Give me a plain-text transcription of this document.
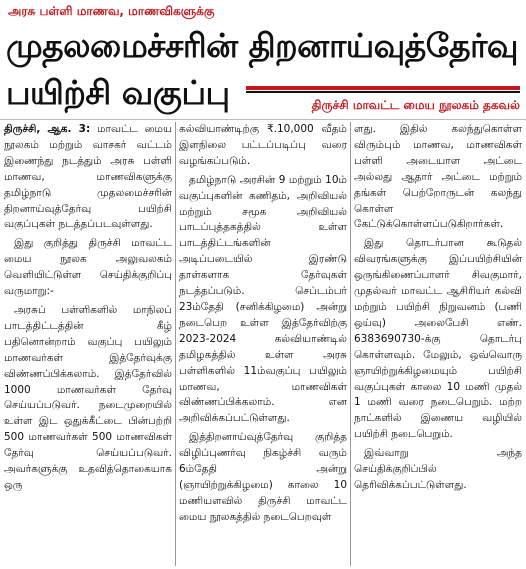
அரசு பள்ளி மாணவ, மாணவிகளுக்கு
முதலமைச்சரின் திறனாய்வுத்தேர்வு
பயிற்சி வகுப்பு	திருச்சி மாவட்ட மைய நூலகம் தகவல்

திருச்சி, ஆக. 3: மாவட்ட மைய நூலகம் மற்றும் வாசகர் வட்டம் இணைந்து நடத்தும் அரசு பள்ளி மாணவ, மாணவிகளுக்கு தமிழ்நாடு முதலமைச்சரின் திறனாய்வுத்தேர்வு பயிற்சி வகுப்புகள் நடத்தப்படவுள்ளது.

இது குறித்து திருச்சி மாவட்ட மைய நூலக அலுவலகம் வெளியிட்டுள்ள செய்திக்குறிப்பு வருமாறு:-

அரசுப் பள்ளிகளில் மாநிலப் பாடத்திட்டத்தின் கீழ் பதினொன்றாம் வகுப்பு பயிலும் மாணவர்கள் இத்தேர்வுக்கு விண்ணப்பிக்கலாம். இத்தேர்வில் 1000 மாணவர்கள் தேர்வு செய்யப்படுவர். நடைமுறையில் உள்ள இட ஒதுக்கீட்டை பின்பற்றி 500 மாணவர்கள் 500 மாணவிகள் தேர்வு செய்யப்படுவர். அவர்களுக்கு உதவித்தொகையாக ஒரு

கல்வியாண்டிற்கு ₹.10,000 வீதம் இளநிலை பட்டப்படிப்பு வரை வழங்கப்படும்.

தமிழ்நாடு அரசின் 9 மற்றும் 10ம் வகுப்புகளின் கணிதம், அறிவியல் மற்றும் சமூக அறிவியல் பாடப்புத்தகத்தில் உள்ள பாடத்திட்டங்களின் அடிப்படையில் இரண்டு தாள்களாக தேர்வுகள் நடத்தப்படும். செப்டம்பர் 23ம்தேதி (சனிக்கிழமை) அன்று நடைபெற உள்ள இத்தேர்விற்கு 2023-2024 கல்வியாண்டில் தமிழகத்தில் உள்ள அரசு பள்ளிகளில் 11ம்வகுப்பு பயிலும் மாணவ, மாணவிகள் விண்ணப்பிக்கலாம். என அறிவிக்கப்பட்டுள்ளது.

இத்திறனாய்வுத்தேர்வு குறித்த விழிப்புணர்வு நிகழ்ச்சி வரும் 6ம்தேதி அன்று (ஞாயிற்றுக்கிழமை) காலை 10 மணியளவில் திருச்சி மாவட்ட மைய நூலகத்தில் நடைபெறவுள்

ளது. இதில் கலந்துகொள்ள விரும்பும் மாணவ, மாணவிகள் பள்ளி அடையாள அட்டை அல்லது ஆதார் அட்டை மற்றும் தங்கள் பெற்றோருடன் கலந்து கொள்ள கேட்டுக்கொள்ளப்படுகிறார்கள்.

இது தொடர்பான கூடுதல் விவரங்களுக்கு இப்பயிற்சியின் ஒருங்கிணைப்பாளர் சிவகுமார், முதல்வர் மாவட்ட ஆசிரியர் கல்வி மற்றும் பயிற்சி நிறுவனம் (பணி ஒய்வு) அலைபேசி எண். 6383690730-க்கு தொடர்பு கொள்ளவும். மேலும், ஒவ்வொரு ஞாயிற்றுக்கிழமையும் பயிற்சி வகுப்புகள் காலை 10 மணி முதல் 1 மணி வரை நடைபெறும். மற்ற நாட்களில் இணைய வழியில் பயிற்சி நடைபெறும்.

இவ்வாறு அந்த செய்திக்குறிப்பில் தெரிவிக்கப்பட்டுள்ளது.
